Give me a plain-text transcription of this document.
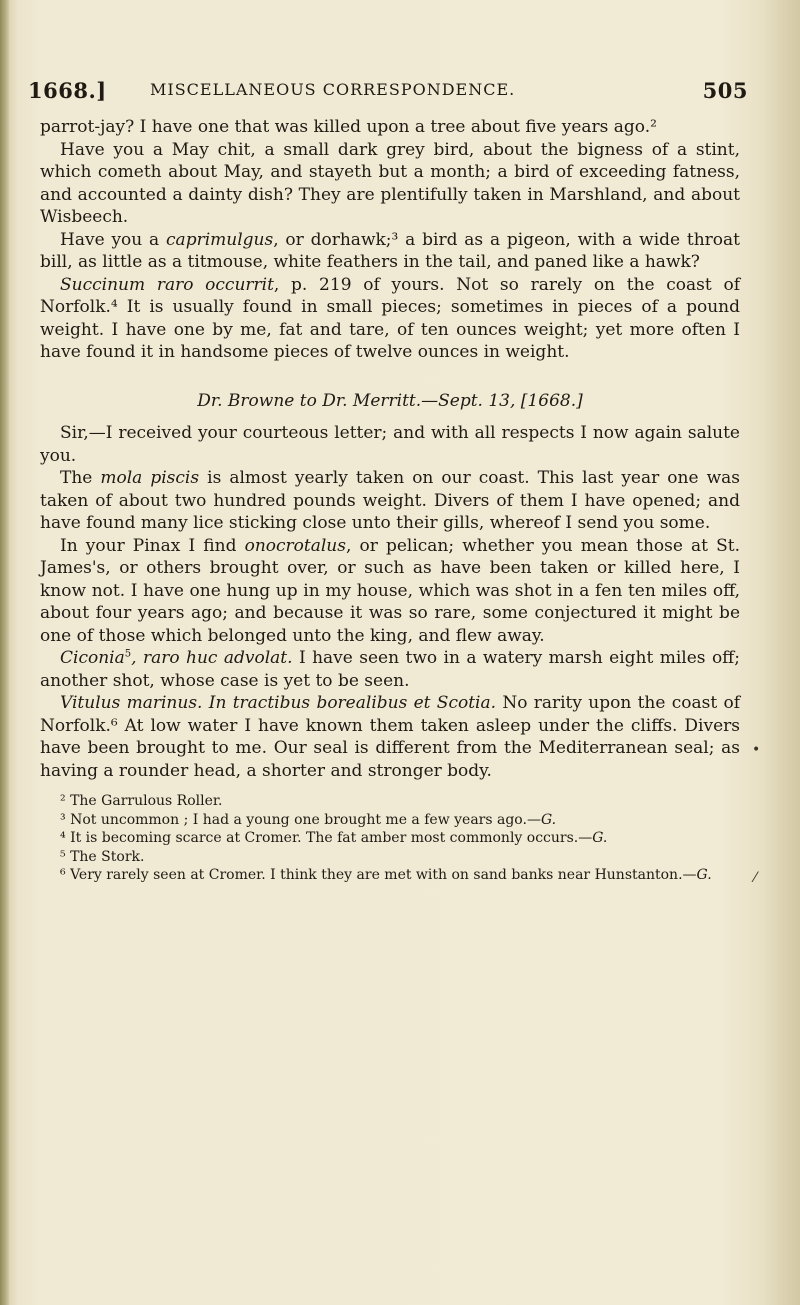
1668.]	MISCELLANEOUS CORRESPONDENCE.	505

parrot-jay? I have one that was killed upon a tree about five years ago.²

Have you a May chit, a small dark grey bird, about the bigness of a stint, which cometh about May, and stayeth but a month; a bird of exceeding fatness, and accounted a dainty dish? They are plentifully taken in Marshland, and about Wisbeech.

Have you a caprimulgus, or dorhawk;³ a bird as a pigeon, with a wide throat bill, as little as a titmouse, white feathers in the tail, and paned like a hawk?

Succinum raro occurrit, p. 219 of yours. Not so rarely on the coast of Norfolk.⁴ It is usually found in small pieces; sometimes in pieces of a pound weight. I have one by me, fat and tare, of ten ounces weight; yet more often I have found it in handsome pieces of twelve ounces in weight.

Dr. Browne to Dr. Merritt.—Sept. 13, [1668.]

Sir,—I received your courteous letter; and with all respects I now again salute you.

The mola piscis is almost yearly taken on our coast. This last year one was taken of about two hundred pounds weight. Divers of them I have opened; and have found many lice sticking close unto their gills, whereof I send you some.

In your Pinax I find onocrotalus, or pelican; whether you mean those at St. James's, or others brought over, or such as have been taken or killed here, I know not. I have one hung up in my house, which was shot in a fen ten miles off, about four years ago; and because it was so rare, some conjectured it might be one of those which belonged unto the king, and flew away.

Ciconia$^5$, raro huc advolat. I have seen two in a watery marsh eight miles off; another shot, whose case is yet to be seen.

Vitulus marinus. In tractibus borealibus et Scotia. No rarity upon the coast of Norfolk.⁶ At low water I have known them taken asleep under the cliffs. Divers have been brought to me. Our seal is different from the Mediterranean seal; as having a rounder head, a shorter and stronger body.

² The Garrulous Roller.

³ Not uncommon ; I had a young one brought me a few years ago.—G.

⁴ It is becoming scarce at Cromer. The fat amber most commonly occurs.—G.

⁵ The Stork.

⁶ Very rarely seen at Cromer. I think they are met with on sand banks near Hunstanton.—G.

•
⁄
